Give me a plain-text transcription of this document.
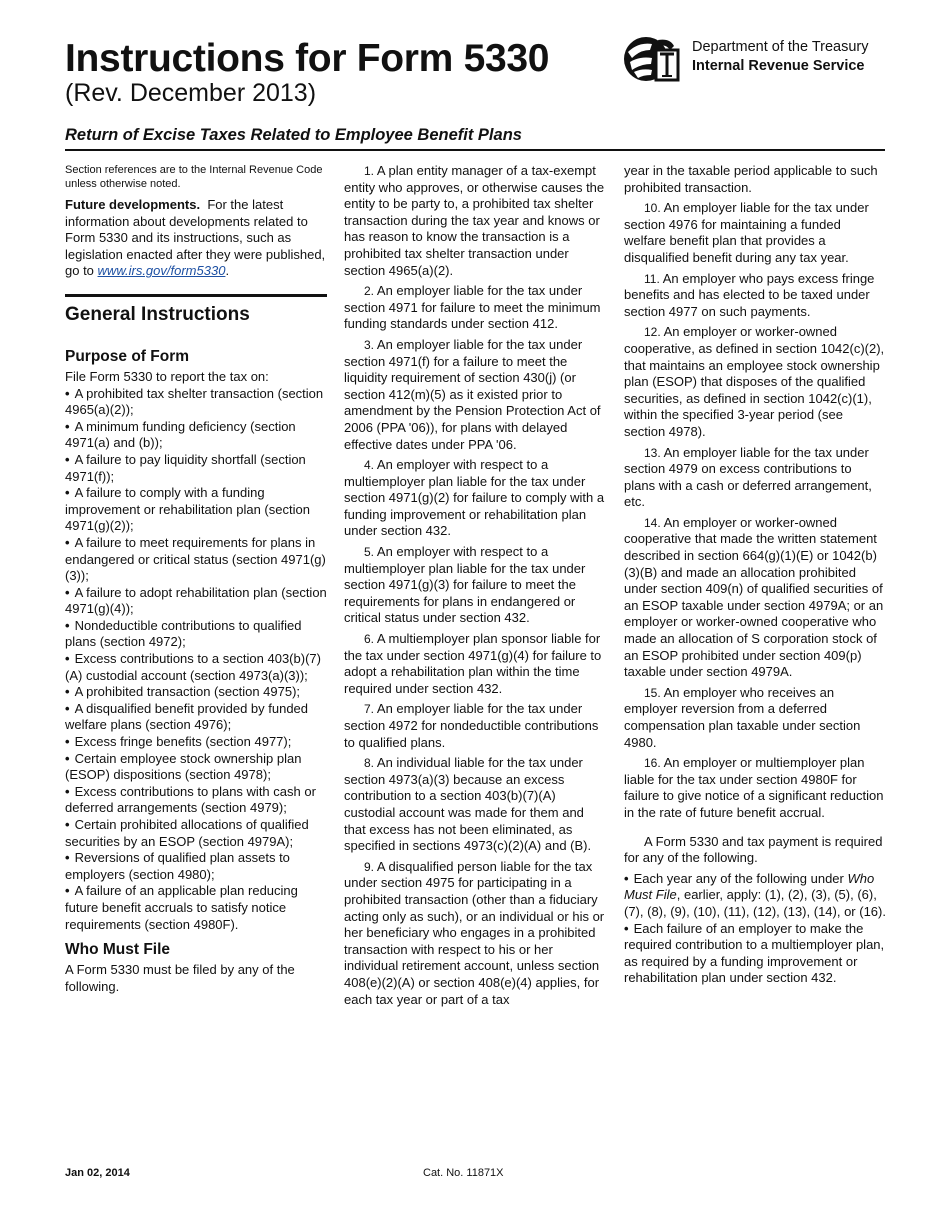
Instructions for Form 5330
(Rev. December 2013)
Department of the Treasury
Internal Revenue Service
Return of Excise Taxes Related to Employee Benefit Plans

Section references are to the Internal Revenue Code unless otherwise noted.

Future developments. For the latest information about developments related to Form 5330 and its instructions, such as legislation enacted after they were published, go to www.irs.gov/form5330.

General Instructions
Purpose of Form

File Form 5330 to report the tax on:

• A prohibited tax shelter transaction (section 4965(a)(2));

• A minimum funding deficiency (section 4971(a) and (b));

• A failure to pay liquidity shortfall (section 4971(f));

• A failure to comply with a funding improvement or rehabilitation plan (section 4971(g)(2));

• A failure to meet requirements for plans in endangered or critical status (section 4971(g)(3));

• A failure to adopt rehabilitation plan (section 4971(g)(4));

• Nondeductible contributions to qualified plans (section 4972);

• Excess contributions to a section 403(b)(7)(A) custodial account (section 4973(a)(3));

• A prohibited transaction (section 4975);

• A disqualified benefit provided by funded welfare plans (section 4976);

• Excess fringe benefits (section 4977);

• Certain employee stock ownership plan (ESOP) dispositions (section 4978);

• Excess contributions to plans with cash or deferred arrangements (section 4979);

• Certain prohibited allocations of qualified securities by an ESOP (section 4979A);

• Reversions of qualified plan assets to employers (section 4980);

• A failure of an applicable plan reducing future benefit accruals to satisfy notice requirements (section 4980F).

Who Must File

A Form 5330 must be filed by any of the following.

1. A plan entity manager of a tax-exempt entity who approves, or otherwise causes the entity to be party to, a prohibited tax shelter transaction during the tax year and knows or has reason to know the transaction is a prohibited tax shelter transaction under section 4965(a)(2).

2. An employer liable for the tax under section 4971 for failure to meet the minimum funding standards under section 412.

3. An employer liable for the tax under section 4971(f) for a failure to meet the liquidity requirement of section 430(j) (or section 412(m)(5) as it existed prior to amendment by the Pension Protection Act of 2006 (PPA '06)), for plans with delayed effective dates under PPA '06.

4. An employer with respect to a multiemployer plan liable for the tax under section 4971(g)(2) for failure to comply with a funding improvement or rehabilitation plan under section 432.

5. An employer with respect to a multiemployer plan liable for the tax under section 4971(g)(3) for failure to meet the requirements for plans in endangered or critical status under section 432.

6. A multiemployer plan sponsor liable for the tax under section 4971(g)(4) for failure to adopt a rehabilitation plan within the time required under section 432.

7. An employer liable for the tax under section 4972 for nondeductible contributions to qualified plans.

8. An individual liable for the tax under section 4973(a)(3) because an excess contribution to a section 403(b)(7)(A) custodial account was made for them and that excess has not been eliminated, as specified in sections 4973(c)(2)(A) and (B).

9. A disqualified person liable for the tax under section 4975 for participating in a prohibited transaction (other than a fiduciary acting only as such), or an individual or his or her beneficiary who engages in a prohibited transaction with respect to his or her individual retirement account, unless section 408(e)(2)(A) or section 408(e)(4) applies, for each tax year or part of a tax

year in the taxable period applicable to such prohibited transaction.

10. An employer liable for the tax under section 4976 for maintaining a funded welfare benefit plan that provides a disqualified benefit during any tax year.

11. An employer who pays excess fringe benefits and has elected to be taxed under section 4977 on such payments.

12. An employer or worker-owned cooperative, as defined in section 1042(c)(2), that maintains an employee stock ownership plan (ESOP) that disposes of the qualified securities, as defined in section 1042(c)(1), within the specified 3-year period (see section 4978).

13. An employer liable for the tax under section 4979 on excess contributions to plans with a cash or deferred arrangement, etc.

14. An employer or worker-owned cooperative that made the written statement described in section 664(g)(1)(E) or 1042(b)(3)(B) and made an allocation prohibited under section 409(n) of qualified securities of an ESOP taxable under section 4979A; or an employer or worker-owned cooperative who made an allocation of S corporation stock of an ESOP prohibited under section 409(p) taxable under section 4979A.

15. An employer who receives an employer reversion from a deferred compensation plan taxable under section 4980.

16. An employer or multiemployer plan liable for the tax under section 4980F for failure to give notice of a significant reduction in the rate of future benefit accrual.

A Form 5330 and tax payment is required for any of the following.

• Each year any of the following under Who Must File, earlier, apply: (1), (2), (3), (5), (6), (7), (8), (9), (10), (11), (12), (13), (14), or (16).

• Each failure of an employer to make the required contribution to a multiemployer plan, as required by a funding improvement or rehabilitation plan under section 432.

Jan 02, 2014	Cat. No. 11871X
